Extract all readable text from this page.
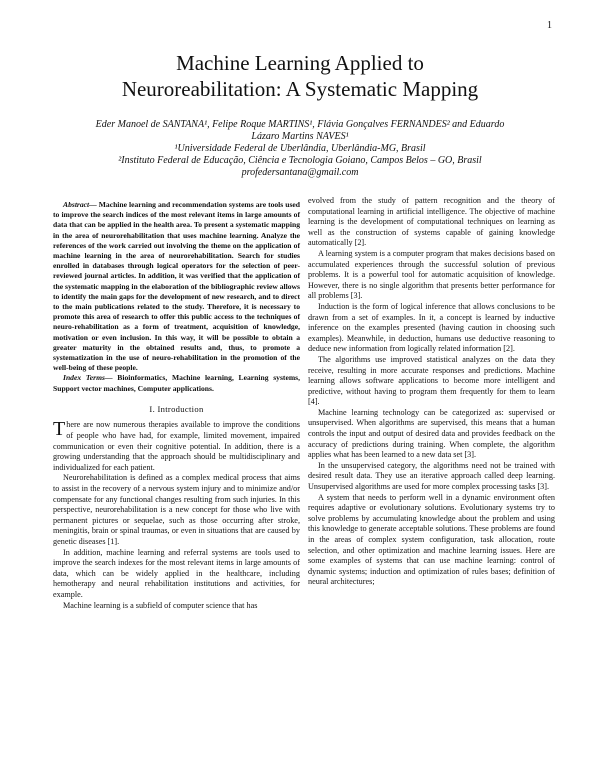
1
Machine Learning Applied to
Neuroreabilitation: A Systematic Mapping
Eder Manoel de SANTANA¹, Felipe Roque MARTINS¹, Flávia Gonçalves FERNANDES² and Eduardo
Lázaro Martins NAVES¹
¹Universidade Federal de Uberlândia, Uberlândia-MG, Brasil
²Instituto Federal de Educação, Ciência e Tecnologia Goiano, Campos Belos – GO, Brasil
profedersantana@gmail.com

Abstract— Machine learning and recommendation systems are tools used to improve the search indices of the most relevant items in large amounts of data that can be applied in the health area. To present a systematic mapping in the area of neurorehabilitation that uses machine learning. Analyze the references of the work carried out involving the theme on the application of machine learning in the area of neurorehabilitation. Search for studies enrolled in databases through logical operators for the selection of peer-reviewed journal articles. In addition, it was verified that the application of the systematic mapping in the elaboration of the bibliographic review allows to identify the main gaps for the development of new research, and to direct to the main publications related to the study. Therefore, it is necessary to promote this area of research to offer this public access to the techniques of neuro-rehabilitation as a form of treatment, acquisition of knowledge, motivation or even inclusion. In this way, it will be possible to obtain a greater maturity in the obtained results and, thus, to promote a systematization in the use of neuro-rehabilitation in the promotion of the well-being of these people.

Index Terms— Bioinformatics, Machine learning, Learning systems, Support vector machines, Computer applications.

I. Introduction

There are now numerous therapies available to improve the conditions of people who have had, for example, limited movement, impaired communication or even their cognitive potential. In addition, there is a growing understanding that the approach should be multidisciplinary and individualized for each patient.

Neurorehabilitation is defined as a complex medical process that aims to assist in the recovery of a nervous system injury and to minimize and/or compensate for any functional changes resulting from such injuries. In this perspective, neurorehabilitation is a new concept for those who live with permanent pictures or sequelae, such as those occurring after stroke, meningitis, brain or spinal traumas, or even in situations that are caused by genetic diseases [1].

In addition, machine learning and referral systems are tools used to improve the search indexes for the most relevant items in large amounts of data, which can be widely applied in the healthcare, including hemotherapy and neural rehabilitation institutions and activities, for example.

Machine learning is a subfield of computer science that has

evolved from the study of pattern recognition and the theory of computational learning in artificial intelligence. The objective of machine learning is the development of computational techniques on learning as well as the construction of systems capable of gaining knowledge automatically [2].

A learning system is a computer program that makes decisions based on accumulated experiences through the successful solution of previous problems. It is a powerful tool for automatic acquisition of knowledge. However, there is no single algorithm that presents better performance for all problems [3].

Induction is the form of logical inference that allows conclusions to be drawn from a set of examples. In it, a concept is learned by inductive inference on the examples presented (having caution in choosing such examples). Meanwhile, in deduction, humans use deductive reasoning to deduce new information from logically related information [2].

The algorithms use improved statistical analyzes on the data they receive, resulting in more accurate responses and predictions. Machine learning allows software applications to become more intelligent and predictive, without having to program them frequently for them to learn [4].

Machine learning technology can be categorized as: supervised or unsupervised. When algorithms are supervised, this means that a human controls the input and output of desired data and provides feedback on the accuracy of predictions during training. When complete, the algorithm applies what has been learned to a new data set [3].

In the unsupervised category, the algorithms need not be trained with desired result data. They use an iterative approach called deep learning. Unsupervised algorithms are used for more complex processing tasks [3].

A system that needs to perform well in a dynamic environment often requires adaptive or evolutionary solutions. Evolutionary systems try to solve problems by accumulating knowledge about the problem and using this knowledge to generate acceptable solutions. These problems are found in the areas of complex system configuration, task allocation, route selection, and other optimization and machine learning issues. Here are some examples of systems that can use machine learning: control of dynamic systems; induction and optimization of rules bases; definition of neural architectures;
